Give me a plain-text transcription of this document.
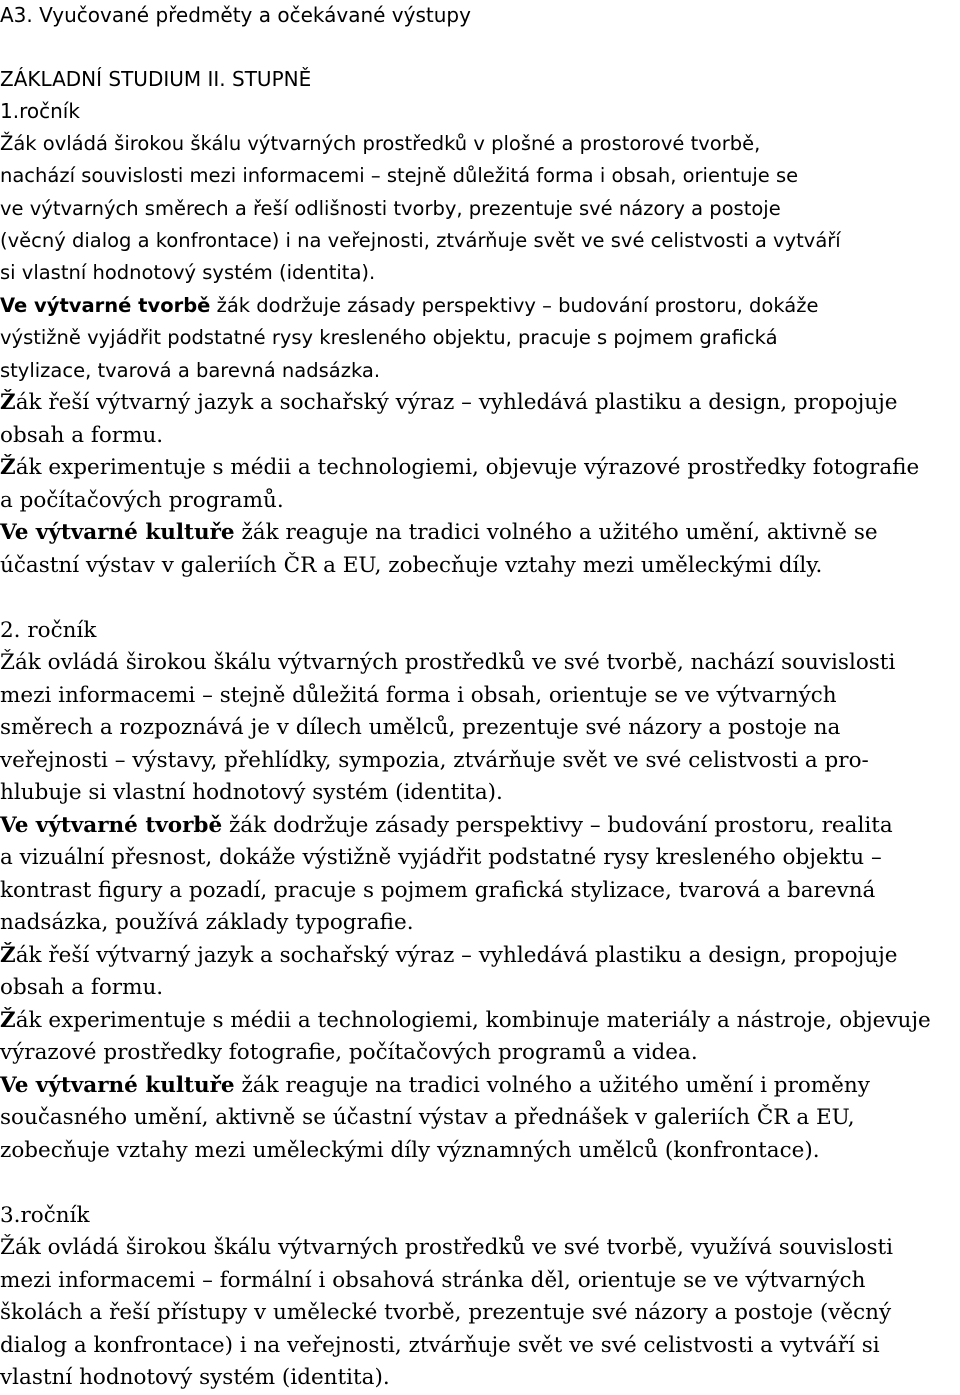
A3. Vyučované předměty a očekávané výstupy
ZÁKLADNÍ STUDIUM II. STUPNĚ
1.ročník
Žák ovládá širokou škálu výtvarných prostředků v plošné a prostorové tvorbě,
nachází souvislosti mezi informacemi – stejně důležitá forma i obsah, orientuje se
ve výtvarných směrech a řeší odlišnosti tvorby, prezentuje své názory a postoje
(věcný dialog a konfrontace) i na veřejnosti, ztvárňuje svět ve své celistvosti a vytváří
si vlastní hodnotový systém (identita).
Ve výtvarné tvorbě žák dodržuje zásady perspektivy – budování prostoru, dokáže
výstižně vyjádřit podstatné rysy kresleného objektu, pracuje s pojmem grafická
stylizace, tvarová a barevná nadsázka.
Žák řeší výtvarný jazyk a sochařský výraz – vyhledává plastiku a design, propojuje
obsah a formu.
Žák experimentuje s médii a technologiemi, objevuje výrazové prostředky fotografie
a počítačových programů.
Ve výtvarné kultuře žák reaguje na tradici volného a užitého umění, aktivně se
účastní výstav v galeriích ČR a EU, zobecňuje vztahy mezi uměleckými díly.
2. ročník
Žák ovládá širokou škálu výtvarných prostředků ve své tvorbě, nachází souvislosti
mezi informacemi – stejně důležitá forma i obsah, orientuje se ve výtvarných
směrech a rozpoznává je v dílech umělců, prezentuje své názory a postoje na
veřejnosti – výstavy, přehlídky, sympozia, ztvárňuje svět ve své celistvosti a pro-
hlubuje si vlastní hodnotový systém (identita).
Ve výtvarné tvorbě žák dodržuje zásady perspektivy – budování prostoru, realita
a vizuální přesnost, dokáže výstižně vyjádřit podstatné rysy kresleného objektu –
kontrast figury a pozadí, pracuje s pojmem grafická stylizace, tvarová a barevná
nadsázka, používá základy typografie.
Žák řeší výtvarný jazyk a sochařský výraz – vyhledává plastiku a design, propojuje
obsah a formu.
Žák experimentuje s médii a technologiemi, kombinuje materiály a nástroje, objevuje
výrazové prostředky fotografie, počítačových programů a videa.
Ve výtvarné kultuře žák reaguje na tradici volného a užitého umění i proměny
současného umění, aktivně se účastní výstav a přednášek v galeriích ČR a EU,
zobecňuje vztahy mezi uměleckými díly významných umělců (konfrontace).
3.ročník
Žák ovládá širokou škálu výtvarných prostředků ve své tvorbě, využívá souvislosti
mezi informacemi – formální i obsahová stránka děl, orientuje se ve výtvarných
školách a řeší přístupy v umělecké tvorbě, prezentuje své názory a postoje (věcný
dialog a konfrontace) i na veřejnosti, ztvárňuje svět ve své celistvosti a vytváří si
vlastní hodnotový systém (identita).
